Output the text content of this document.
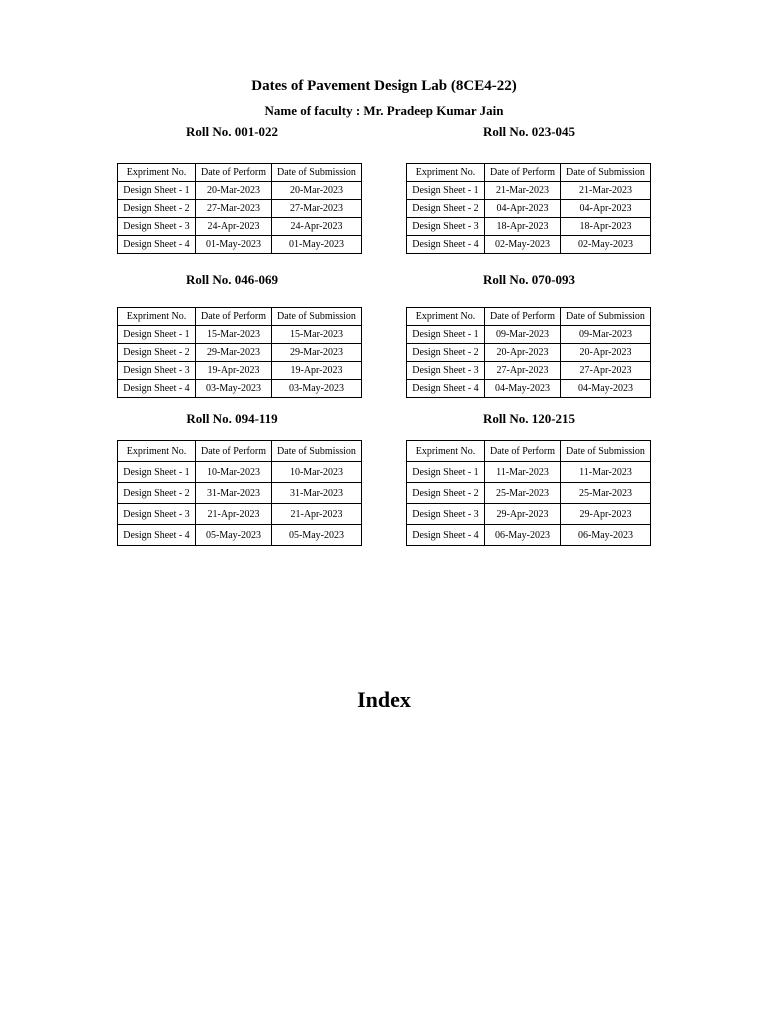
Dates of Pavement Design Lab (8CE4-22)
Name of faculty : Mr. Pradeep Kumar Jain
Roll No. 001-022
Expriment No.	Date of Perform	Date of Submission
Design Sheet - 1	20-Mar-2023	20-Mar-2023
Design Sheet - 2	27-Mar-2023	27-Mar-2023
Design Sheet - 3	24-Apr-2023	24-Apr-2023
Design Sheet - 4	01-May-2023	01-May-2023
Roll No. 023-045
Expriment No.	Date of Perform	Date of Submission
Design Sheet - 1	21-Mar-2023	21-Mar-2023
Design Sheet - 2	04-Apr-2023	04-Apr-2023
Design Sheet - 3	18-Apr-2023	18-Apr-2023
Design Sheet - 4	02-May-2023	02-May-2023
Roll No. 046-069
Expriment No.	Date of Perform	Date of Submission
Design Sheet - 1	15-Mar-2023	15-Mar-2023
Design Sheet - 2	29-Mar-2023	29-Mar-2023
Design Sheet - 3	19-Apr-2023	19-Apr-2023
Design Sheet - 4	03-May-2023	03-May-2023
Roll No. 070-093
Expriment No.	Date of Perform	Date of Submission
Design Sheet - 1	09-Mar-2023	09-Mar-2023
Design Sheet - 2	20-Apr-2023	20-Apr-2023
Design Sheet - 3	27-Apr-2023	27-Apr-2023
Design Sheet - 4	04-May-2023	04-May-2023
Roll No. 094-119
Expriment No.	Date of Perform	Date of Submission
Design Sheet - 1	10-Mar-2023	10-Mar-2023
Design Sheet - 2	31-Mar-2023	31-Mar-2023
Design Sheet - 3	21-Apr-2023	21-Apr-2023
Design Sheet - 4	05-May-2023	05-May-2023
Roll No. 120-215
Expriment No.	Date of Perform	Date of Submission
Design Sheet - 1	11-Mar-2023	11-Mar-2023
Design Sheet - 2	25-Mar-2023	25-Mar-2023
Design Sheet - 3	29-Apr-2023	29-Apr-2023
Design Sheet - 4	06-May-2023	06-May-2023
Index
